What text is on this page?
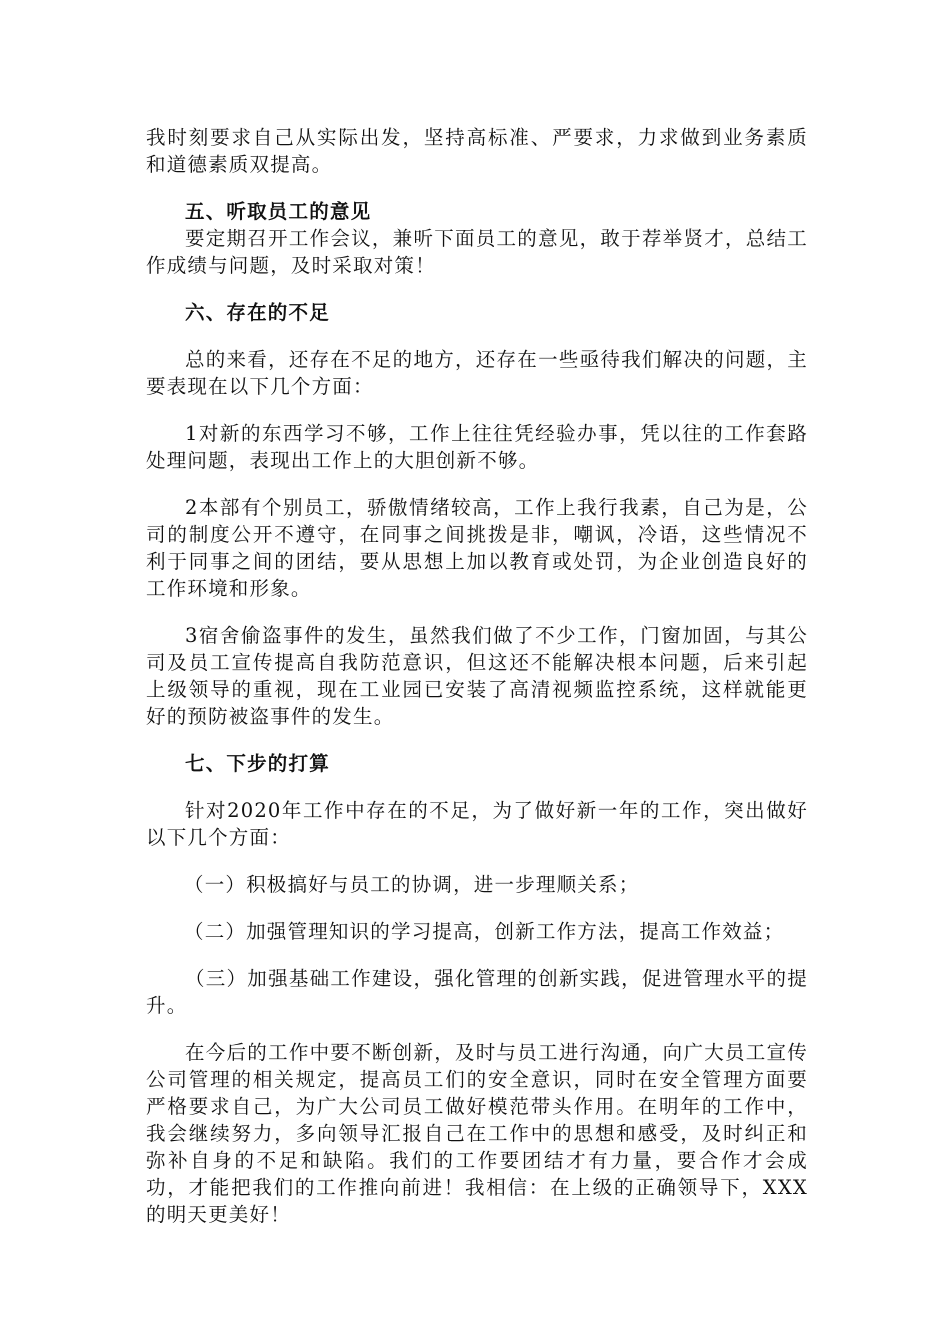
我时刻要求自己从实际出发，坚持高标准、严要求，力求做到业务素质和道德素质双提高。

五、听取员工的意见

要定期召开工作会议，兼听下面员工的意见，敢于荐举贤才，总结工作成绩与问题，及时采取对策！

六、存在的不足

总的来看，还存在不足的地方，还存在一些亟待我们解决的问题，主要表现在以下几个方面：

1对新的东西学习不够，工作上往往凭经验办事，凭以往的工作套路处理问题，表现出工作上的大胆创新不够。

2本部有个别员工，骄傲情绪较高，工作上我行我素，自己为是，公司的制度公开不遵守，在同事之间挑拨是非，嘲讽，冷语，这些情况不利于同事之间的团结，要从思想上加以教育或处罚，为企业创造良好的工作环境和形象。

3宿舍偷盗事件的发生，虽然我们做了不少工作，门窗加固，与其公司及员工宣传提高自我防范意识，但这还不能解决根本问题，后来引起上级领导的重视，现在工业园已安装了高清视频监控系统，这样就能更好的预防被盗事件的发生。

七、下步的打算

针对2020年工作中存在的不足，为了做好新一年的工作，突出做好以下几个方面：

（一）积极搞好与员工的协调，进一步理顺关系；

（二）加强管理知识的学习提高，创新工作方法，提高工作效益；

（三）加强基础工作建设，强化管理的创新实践，促进管理水平的提升。

在今后的工作中要不断创新，及时与员工进行沟通，向广大员工宣传公司管理的相关规定，提高员工们的安全意识，同时在安全管理方面要严格要求自己，为广大公司员工做好模范带头作用。在明年的工作中，我会继续努力，多向领导汇报自己在工作中的思想和感受，及时纠正和弥补自身的不足和缺陷。我们的工作要团结才有力量，要合作才会成功，才能把我们的工作推向前进！我相信：在上级的正确领导下，XXX的明天更美好！
